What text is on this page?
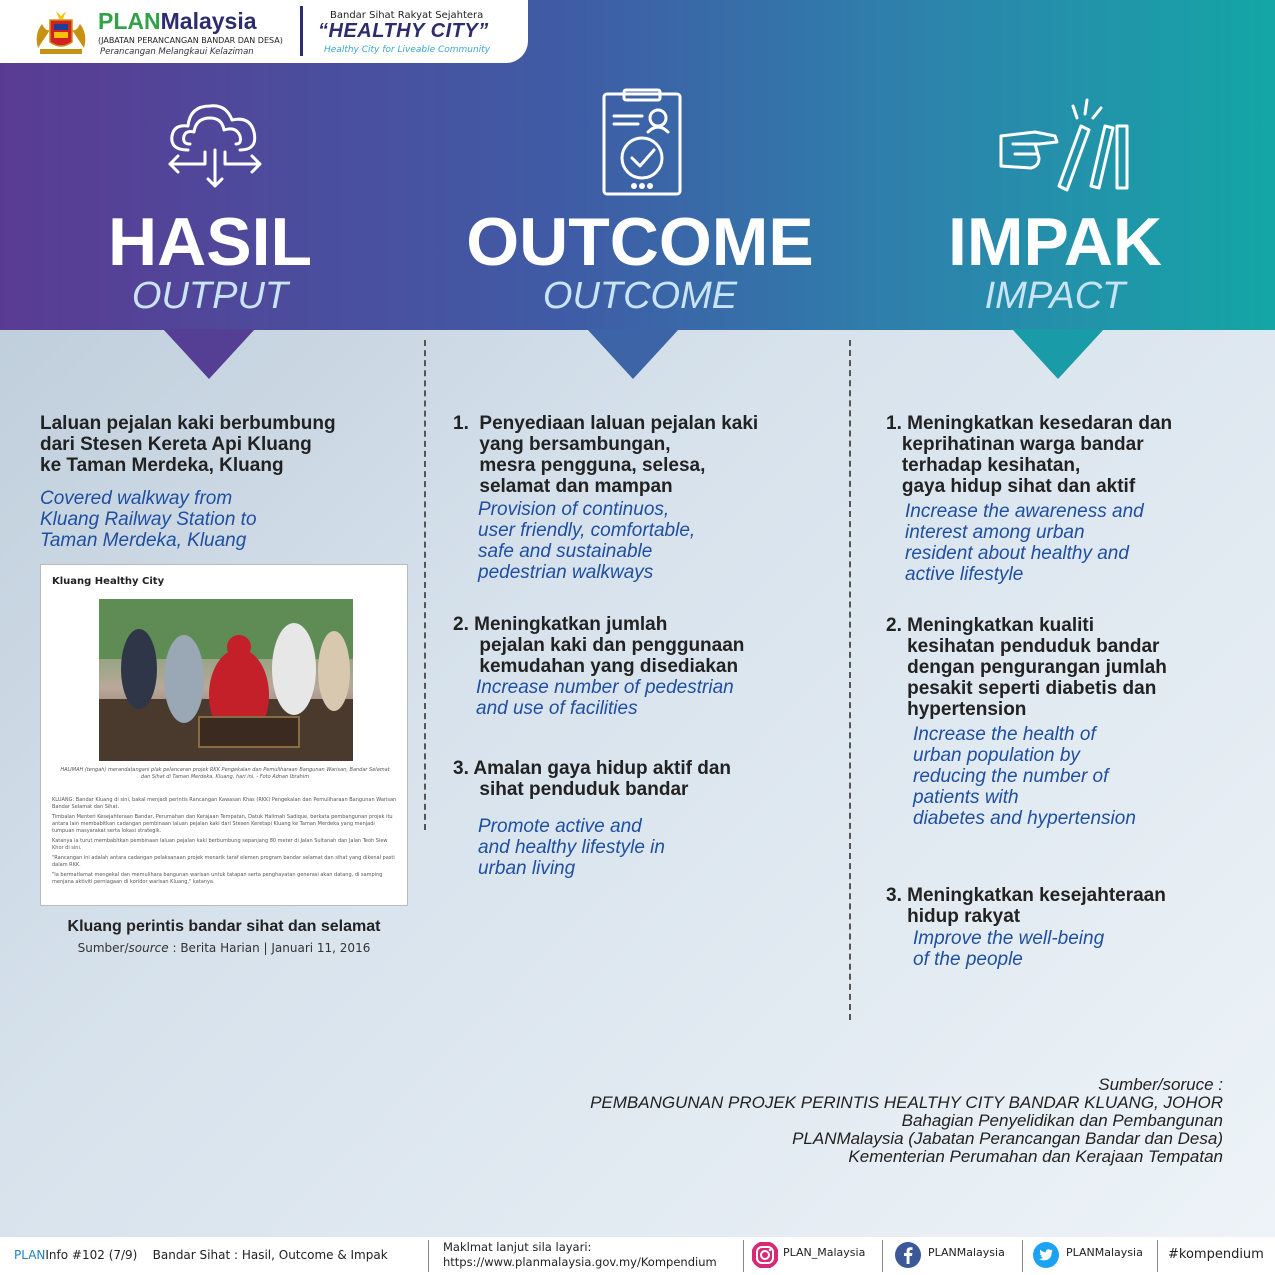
PLANMalaysia
(JABATAN PERANCANGAN BANDAR DAN DESA)
Perancangan Melangkaui Kelaziman
Bandar Sihat Rakyat Sejahtera
“HEALTHY CITY”
Healthy City for Liveable Community
HASIL
OUTPUT
OUTCOME
OUTCOME
IMPAK
IMPACT
Laluan pejalan kaki berbumbung
dari Stesen Kereta Api Kluang
ke Taman Merdeka, Kluang
Covered walkway from
Kluang Railway Station to
Taman Merdeka, Kluang
Kluang Healthy City
HALIMAH (tengah) merandatangani plak pelancaran projek RKK Pengekalan dan Pemuliharaan Bangunan Warisan, Bandar Selamat dan Sihat di Taman Merdeka, Kluang, hari ini. - Foto Adnan Ibrahim

KLUANG: Bandar Kluang di sini, bakal menjadi perintis Rancangan Kawasan Khas (RKK) Pengekalan dan Pemuliharaan Bangunan Warisan Bandar Selamat dan Sihat.

Timbalan Menteri Kesejahteraan Bandar, Perumahan dan Kerajaan Tempatan, Datuk Halimah Sadique, berkata pembangunan projek itu antara lain membabitkan cadangan pembinaan laluan pejalan kaki dari Stesen Keretapi Kluang ke Taman Merdeka yang menjadi tumpuan masyarakat serta lokasi strategik.

Katanya ia turut membabitkan pembinaan laluan pejalan kaki berbumbung sepanjang 80 meter di Jalan Sultanah dan Jalan Teoh Siew Khor di sini.

"Rancangan ini adalah antara cadangan pelaksanaan projek menarik taraf elemen program bandar selamat dan sihat yang dikenal pasti dalam RKK.

"Ia bermatlamat mengekal dan memulihara bangunan warisan untuk tatapan serta penghayatan generasi akan datang, di samping menjana aktiviti perniagaan di koridor warisan Kluang," katanya.

Kluang perintis bandar sihat dan selamat
Sumber/source : Berita Harian | Januari 11, 2016
1.  Penyediaan laluan pejalan kaki
yang bersambungan,
mesra pengguna, selesa,
selamat dan mampan
Provision of continuos,
user friendly, comfortable,
safe and sustainable
pedestrian walkways
2. Meningkatkan jumlah
pejalan kaki dan penggunaan
kemudahan yang disediakan
Increase number of pedestrian
and use of facilities
3. Amalan gaya hidup aktif dan
sihat penduduk bandar
Promote active and
and healthy lifestyle in
urban living
1. Meningkatkan kesedaran dan
keprihatinan warga bandar
terhadap kesihatan,
gaya hidup sihat dan aktif
Increase the awareness and
interest among urban
resident about healthy and
active lifestyle
2. Meningkatkan kualiti
kesihatan penduduk bandar
dengan pengurangan jumlah
pesakit seperti diabetis dan
hypertension
Increase the health of
urban population by
reducing the number of
patients with
diabetes and hypertension
3. Meningkatkan kesejahteraan
hidup rakyat
Improve the well-being
of the people
Sumber/soruce :
PEMBANGUNAN PROJEK PERINTIS HEALTHY CITY BANDAR KLUANG, JOHOR
Bahagian Penyelidikan dan Pembangunan
PLANMalaysia (Jabatan Perancangan Bandar dan Desa)
Kementerian Perumahan dan Kerajaan Tempatan
PLANInfo #102 (7/9)    Bandar Sihat : Hasil, Outcome & Impak
Maklmat lanjut sila layari:
https://www.planmalaysia.gov.my/Kompendium
PLAN_Malaysia	PLANMalaysia	PLANMalaysia #kompendium
